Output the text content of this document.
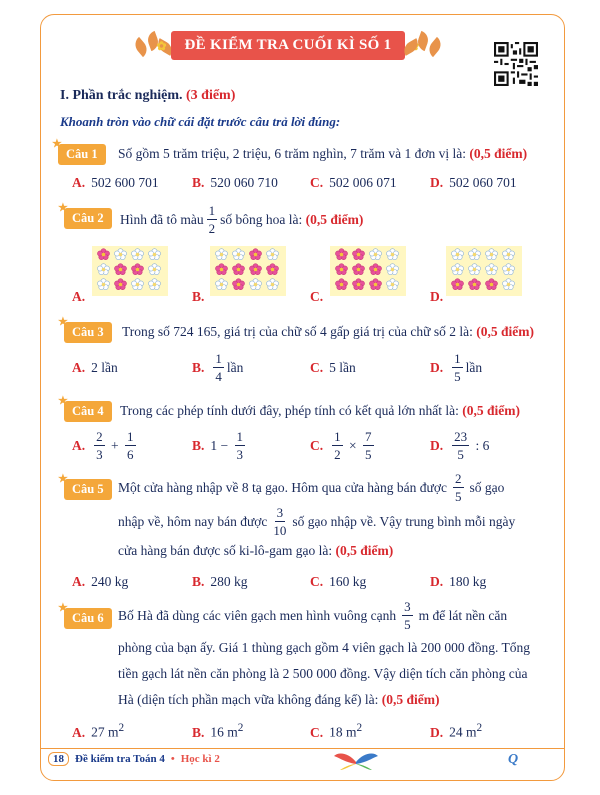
✿ ĐỀ KIỂM TRA CUỐI KÌ SỐ 1
I. Phần trắc nghiệm. (3 điểm)
Khoanh tròn vào chữ cái đặt trước câu trả lời đúng:
★
Câu 1	Số gồm 5 trăm triệu, 2 triệu, 6 trăm nghìn, 7 trăm và 1 đơn vị là: (0,5 điểm)
A. 502 600 701 B. 520 060 710 C. 502 006 071 D. 502 060 701
★
Câu 2	Hình đã tô màu $\frac{1}{2}$ số bông hoa là:
(0,5 điểm)
A.	B.	C.	D.
★
Câu 3	Trong số 724 165, giá trị của chữ số 4 gấp giá trị của chữ số 2 là: (0,5 điểm)
A. 2 lần	B. $\frac{1}{4}$ lần	C. 5 lần	D. $\frac{1}{5}$ lần
★
Câu 4	Trong các phép tính dưới đây, phép tính có kết quả lớn nhất là: (0,5 điểm)
A. $\frac{2}{3}$
+
$\frac{1}{6}$	B. 1
−
$\frac{1}{3}$	C. $\frac{1}{2}$
×
$\frac{7}{5}$	D. $\frac{23}{5}$
:
6
★
Câu 5	Một cửa hàng nhập về 8 tạ gạo. Hôm qua cửa hàng bán được $\frac{2}{5}$ số gạo
nhập về, hôm nay bán được $\frac{3}{10}$ số gạo nhập về. Vậy trung bình mỗi ngày
cửa hàng bán được số ki-lô-gam gạo là: (0,5 điểm)
A. 240 kg	B. 280 kg	C. 160 kg	D. 180 kg
★
Câu 6	Bố Hà đã dùng các viên gạch men hình vuông cạnh $\frac{3}{5}$ m để lát nền căn
phòng của bạn ấy. Giá 1 thùng gạch gồm 4 viên gạch là 200 000 đồng. Tổng
tiền gạch lát nền căn phòng là 2 500 000 đồng. Vậy diện tích căn phòng của
Hà (diện tích phần mạch vữa không đáng kể) là: (0,5 điểm)
A. 27 $m^2$	B. 16 $m^2$	C. 18 $m^2$	D. 24 $m^2$
18	Đề kiểm tra Toán 4 • Học kì 2	Q
